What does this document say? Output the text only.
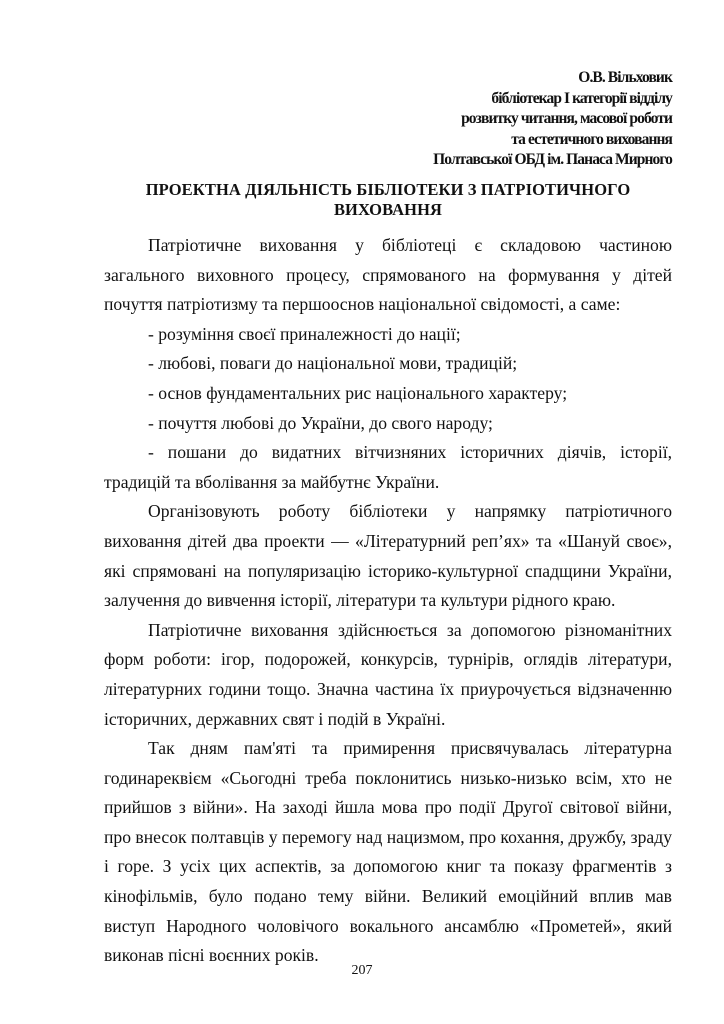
О.В. Вільховик
бібліотекар І категорії відділу
розвитку читання, масової роботи
та естетичного виховання
Полтавської ОБД ім. Панаса Мирного
ПРОЕКТНА ДІЯЛЬНІСТЬ БІБЛІОТЕКИ З ПАТРІОТИЧНОГО
ВИХОВАННЯ

Патріотичне виховання у бібліотеці є складовою частиною загального виховного процесу, спрямованого на формування у дітей почуття патріотизму та першооснов національної свідомості, а саме:

- розуміння своєї приналежності до нації;

- любові, поваги до національної мови, традицій;

- основ фундаментальних рис національного характеру;

- почуття любові до України, до свого народу;

- пошани до видатних вітчизняних історичних діячів, історії, традицій та вболівання за майбутнє України.

Організовують роботу бібліотеки у напрямку патріотичного виховання дітей два проекти — «Літературний реп’ях» та «Шануй своє», які спрямовані на популяризацію історико-культурної спадщини України, залучення до вивчення історії, літератури та культури рідного краю.

Патріотичне виховання здійснюється за допомогою різноманітних форм роботи: ігор, подорожей, конкурсів, турнірів, оглядів літератури, літературних години тощо. Значна частина їх приурочується відзначенню історичних, державних свят і подій в Україні.

Так дням пам'яті та примирення присвячувалась літературна годинареквієм «Сьогодні треба поклонитись низько-низько всім, хто не прийшов з війни». На заході йшла мова про події Другої світової війни, про внесок полтавців у перемогу над нацизмом, про кохання, дружбу, зраду і горе. З усіх цих аспектів, за допомогою книг та показу фрагментів з кінофільмів, було подано тему війни. Великий емоційний вплив мав виступ Народного чоловічого вокального ансамблю «Прометей», який виконав пісні воєнних років.

207
